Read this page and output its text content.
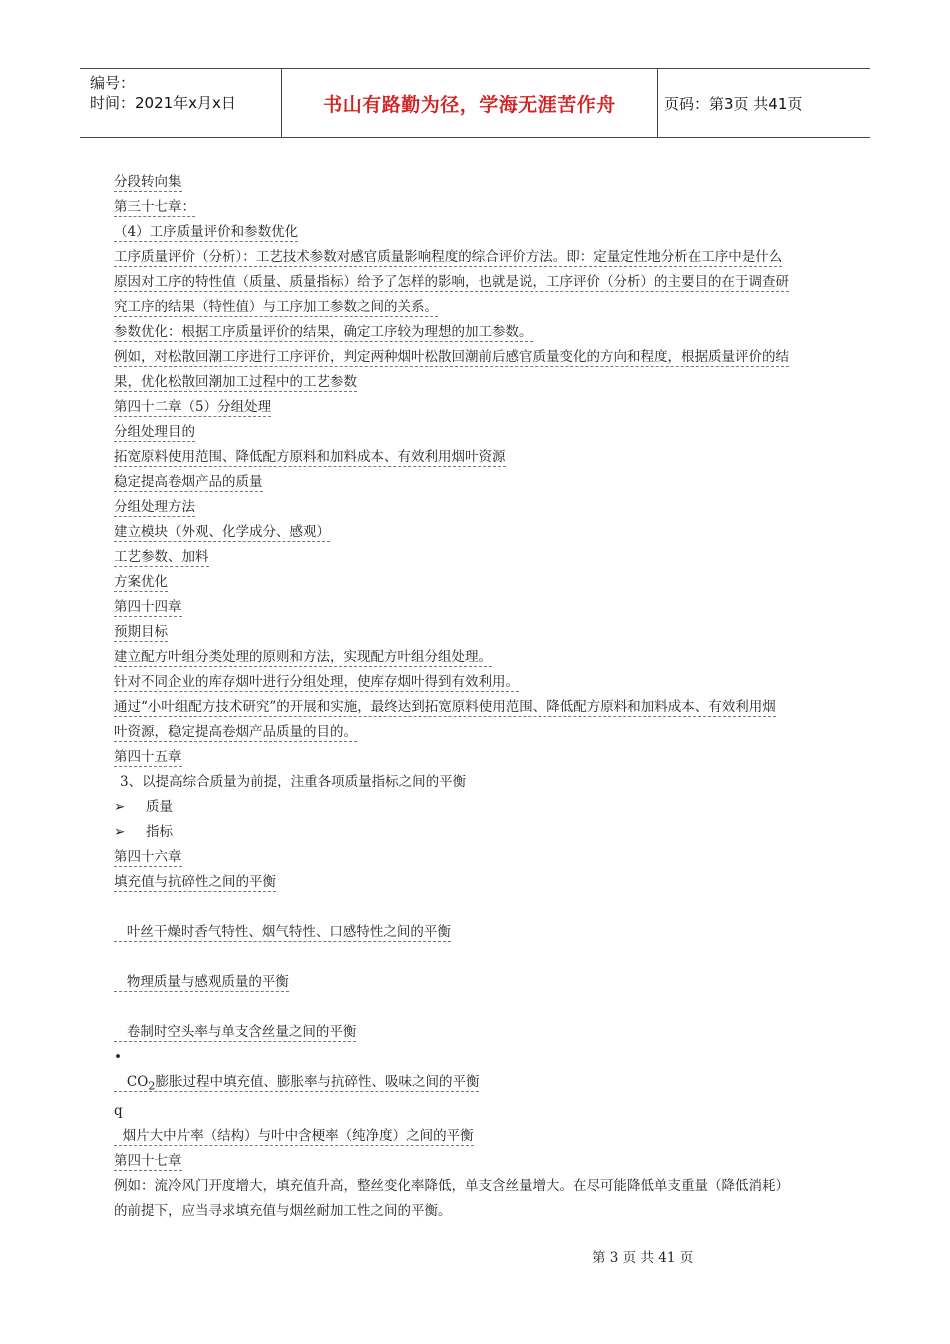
编号：
时间：2021年x月x日	书山有路勤为径，学海无涯苦作舟	页码：第3页 共41页

分段转向集

第三十七章：

（4）工序质量评价和参数优化

工序质量评价（分析）：工艺技术参数对感官质量影响程度的综合评价方法。即：定量定性地分析在工序中是什么

原因对工序的特性值（质量、质量指标）给予了怎样的影响，也就是说，工序评价（分析）的主要目的在于调查研

究工序的结果（特性值）与工序加工参数之间的关系。

参数优化：根据工序质量评价的结果，确定工序较为理想的加工参数。

例如，对松散回潮工序进行工序评价，判定两种烟叶松散回潮前后感官质量变化的方向和程度，根据质量评价的结

果，优化松散回潮加工过程中的工艺参数

第四十二章（5）分组处理

分组处理目的

拓宽原料使用范围、降低配方原料和加料成本、有效利用烟叶资源

稳定提高卷烟产品的质量

分组处理方法

建立模块（外观、化学成分、感观）

工艺参数、加料

方案优化

第四十四章

预期目标

建立配方叶组分类处理的原则和方法，实现配方叶组分组处理。

针对不同企业的库存烟叶进行分组处理，使库存烟叶得到有效利用。

通过“小叶组配方技术研究”的开展和实施，最终达到拓宽原料使用范围、降低配方原料和加料成本、有效利用烟

叶资源，稳定提高卷烟产品质量的目的。

第四十五章

3、以提高综合质量为前提，注重各项质量指标之间的平衡

➢	质量
➢	指标

第四十六章

填充值与抗碎性之间的平衡

叶丝干燥时香气特性、烟气特性、口感特性之间的平衡

物理质量与感观质量的平衡

卷制时空头率与单支含丝量之间的平衡

•

$CO_2$膨胀过程中填充值、膨胀率与抗碎性、吸味之间的平衡

q

烟片大中片率（结构）与叶中含梗率（纯净度）之间的平衡

第四十七章

例如：流冷风门开度增大，填充值升高，整丝变化率降低，单支含丝量增大。在尽可能降低单支重量（降低消耗）

的前提下，应当寻求填充值与烟丝耐加工性之间的平衡。

第 3 页 共 41 页
